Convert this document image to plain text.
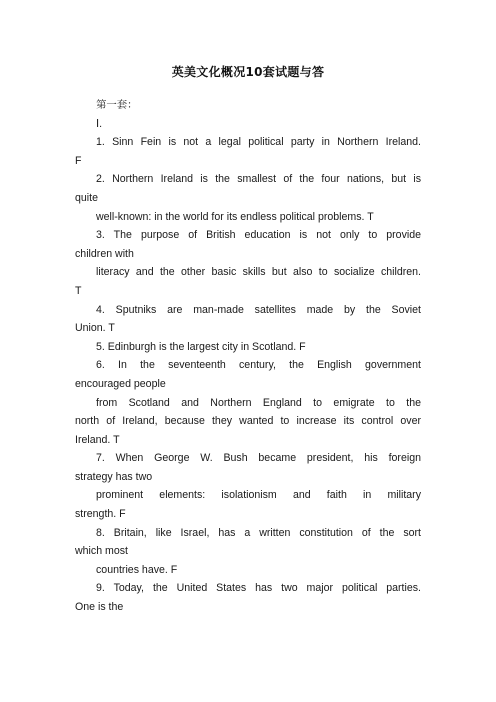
英美文化概况10套试题与答
第一套：
Ⅰ.
1. Sinn Fein is not a legal political party in Northern Ireland.
F
2. Northern Ireland is the smallest of the four nations, but is
quite
well-known: in the world for its endless political problems. T
3. The purpose of British education is not only to provide
children with
literacy and the other basic skills but also to socialize children.
T
4. Sputniks are man-made satellites made by the Soviet
Union. T
5. Edinburgh is the largest city in Scotland. F
6. In the seventeenth century, the English government
encouraged people
from Scotland and Northern England to emigrate to the
north of Ireland, because they wanted to increase its control over
Ireland. T
7. When George W. Bush became president, his foreign
strategy has two
prominent elements: isolationism and faith in military
strength. F
8. Britain, like Israel, has a written constitution of the sort
which most
countries have. F
9. Today, the United States has two major political parties.
One is the
